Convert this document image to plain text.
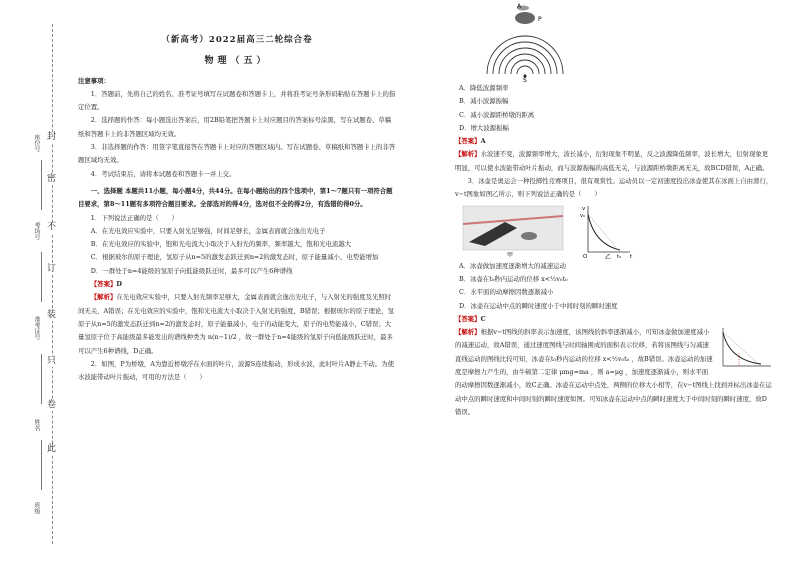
封
密
不
订
装
只
卷
此
座位号
考场号
准考证号
姓名
班级
（新高考）2022届高三二轮综合卷
物理（五）
注意事项：

1．答题前，先将自己的姓名、准考证号填写在试题卷和答题卡上，并将准考证号条形码粘贴在答题卡上的指定位置。

2．选择题的作答：每小题选出答案后，用2B铅笔把答题卡上对应题目的答案标号涂黑，写在试题卷、草稿纸和答题卡上的非答题区域均无效。

3．非选择题的作答：用签字笔直接答在答题卡上对应的答题区域内。写在试题卷、草稿纸和答题卡上的非答题区域均无效。

4．考试结束后，请将本试题卷和答题卡一并上交。

一、选择题 本题共11小题，每小题4分，共44分。在每小题给出的四个选项中，第1～7题只有一项符合题目要求，第8～11题有多项符合题目要求。全部选对的得4分，选对但不全的得2分，有选错的得0分。

1．下列说法正确的是（　　）

A．在光电效应实验中，只要入射光足够强，时间足够长，金属表面就会逸出光电子

B．在光电效应的实验中，饱和光电流大小取决于入射光的频率，频率越大，饱和光电流越大

C．根据玻尔的原子理论，氢原子从n=5的激发态跃迁到n=2的激发态时，原子能量减小，电势能增加

D．一群处于n=4能级的氢原子向低能级跃迁时，最多可以产生6种谱线

【答案】D

【解析】在光电效应实验中，只要入射光频率足够大，金属表面就会逸出光电子，与入射光的强度及光照时间无关，A错误；在光电效应的实验中，饱和光电流大小取决于入射光的强度，B错误；根据玻尔的原子理论，氢原子从n=5的激发态跃迁到n=2的激发态时，原子能量减小，电子的动能变大，原子的电势能减小，C错误；大量氢原子位于高能级最多能发出的谱线种类为 n(n−1)/2 ，故一群处于n=4能级的氢原子向低能级跃迁时，最多可以产生6种谱线，D正确。

2．如图，P为桥墩，A为靠近桥墩浮在水面的叶片，波源S连续振动，形成水波，此时叶片A静止不动。为使水波能带动叶片振动，可用的方法是（　　）

A
P
S

A．降低波源频率

B．减小波源振幅

C．减小波源距桥墩的距离

D．增大波源振幅

【答案】A

【解析】水波速不变，波源频率增大，波长减小，衍射现象不明显，反之波源降低频率，波长增大，衍射现象更明显，可以使水波能带动叶片振动，而与波源振幅的高低无关，与波源距桥墩距离无关，故BCD错误，A正确。

3．冰壶是奥运会一种投掷性竞赛项目，很有观赏性。运动员以一定初速度投出冰壶使其在冰面上自由滑行，v−t图象如图乙所示，则下列说法正确的是（　　）

甲
v
v₀
t
O	t₀
乙

A．冰壶做加速度逐渐增大的减速运动

B．冰壶在t₀秒内运动的位移 x<½v₀t₀

C．水平面的动摩擦因数逐渐减小

D．冰壶在运动中点的瞬时速度小于中间时刻的瞬时速度

【答案】C

【解析】根据v−t图线的斜率表示加速度，该图线的斜率逐渐减小，可知冰壶做加速度减小的减速运动，故A错误，通过速度图线与时间轴围成的面积表示位移，若将该图线与匀减速直线运动的图线比较可知，冰壶在t₀秒内运动的位移 x<½v₀t₀ ，故B错误。冰壶运动的加速度是摩擦力产生的，由牛顿第二定律 μmg=ma ，则 a=μg ，加速度逐渐减小，则水平面的动摩擦因数逐渐减小，故C正确。冰壶在运动中点处，两侧的位移大小相等，在v−t图线上找到并标出冰壶在运动中点的瞬时速度和中间时刻的瞬时速度如图。可知冰壶在运动中点的瞬时速度大于中间时刻的瞬时速度，故D错误。
